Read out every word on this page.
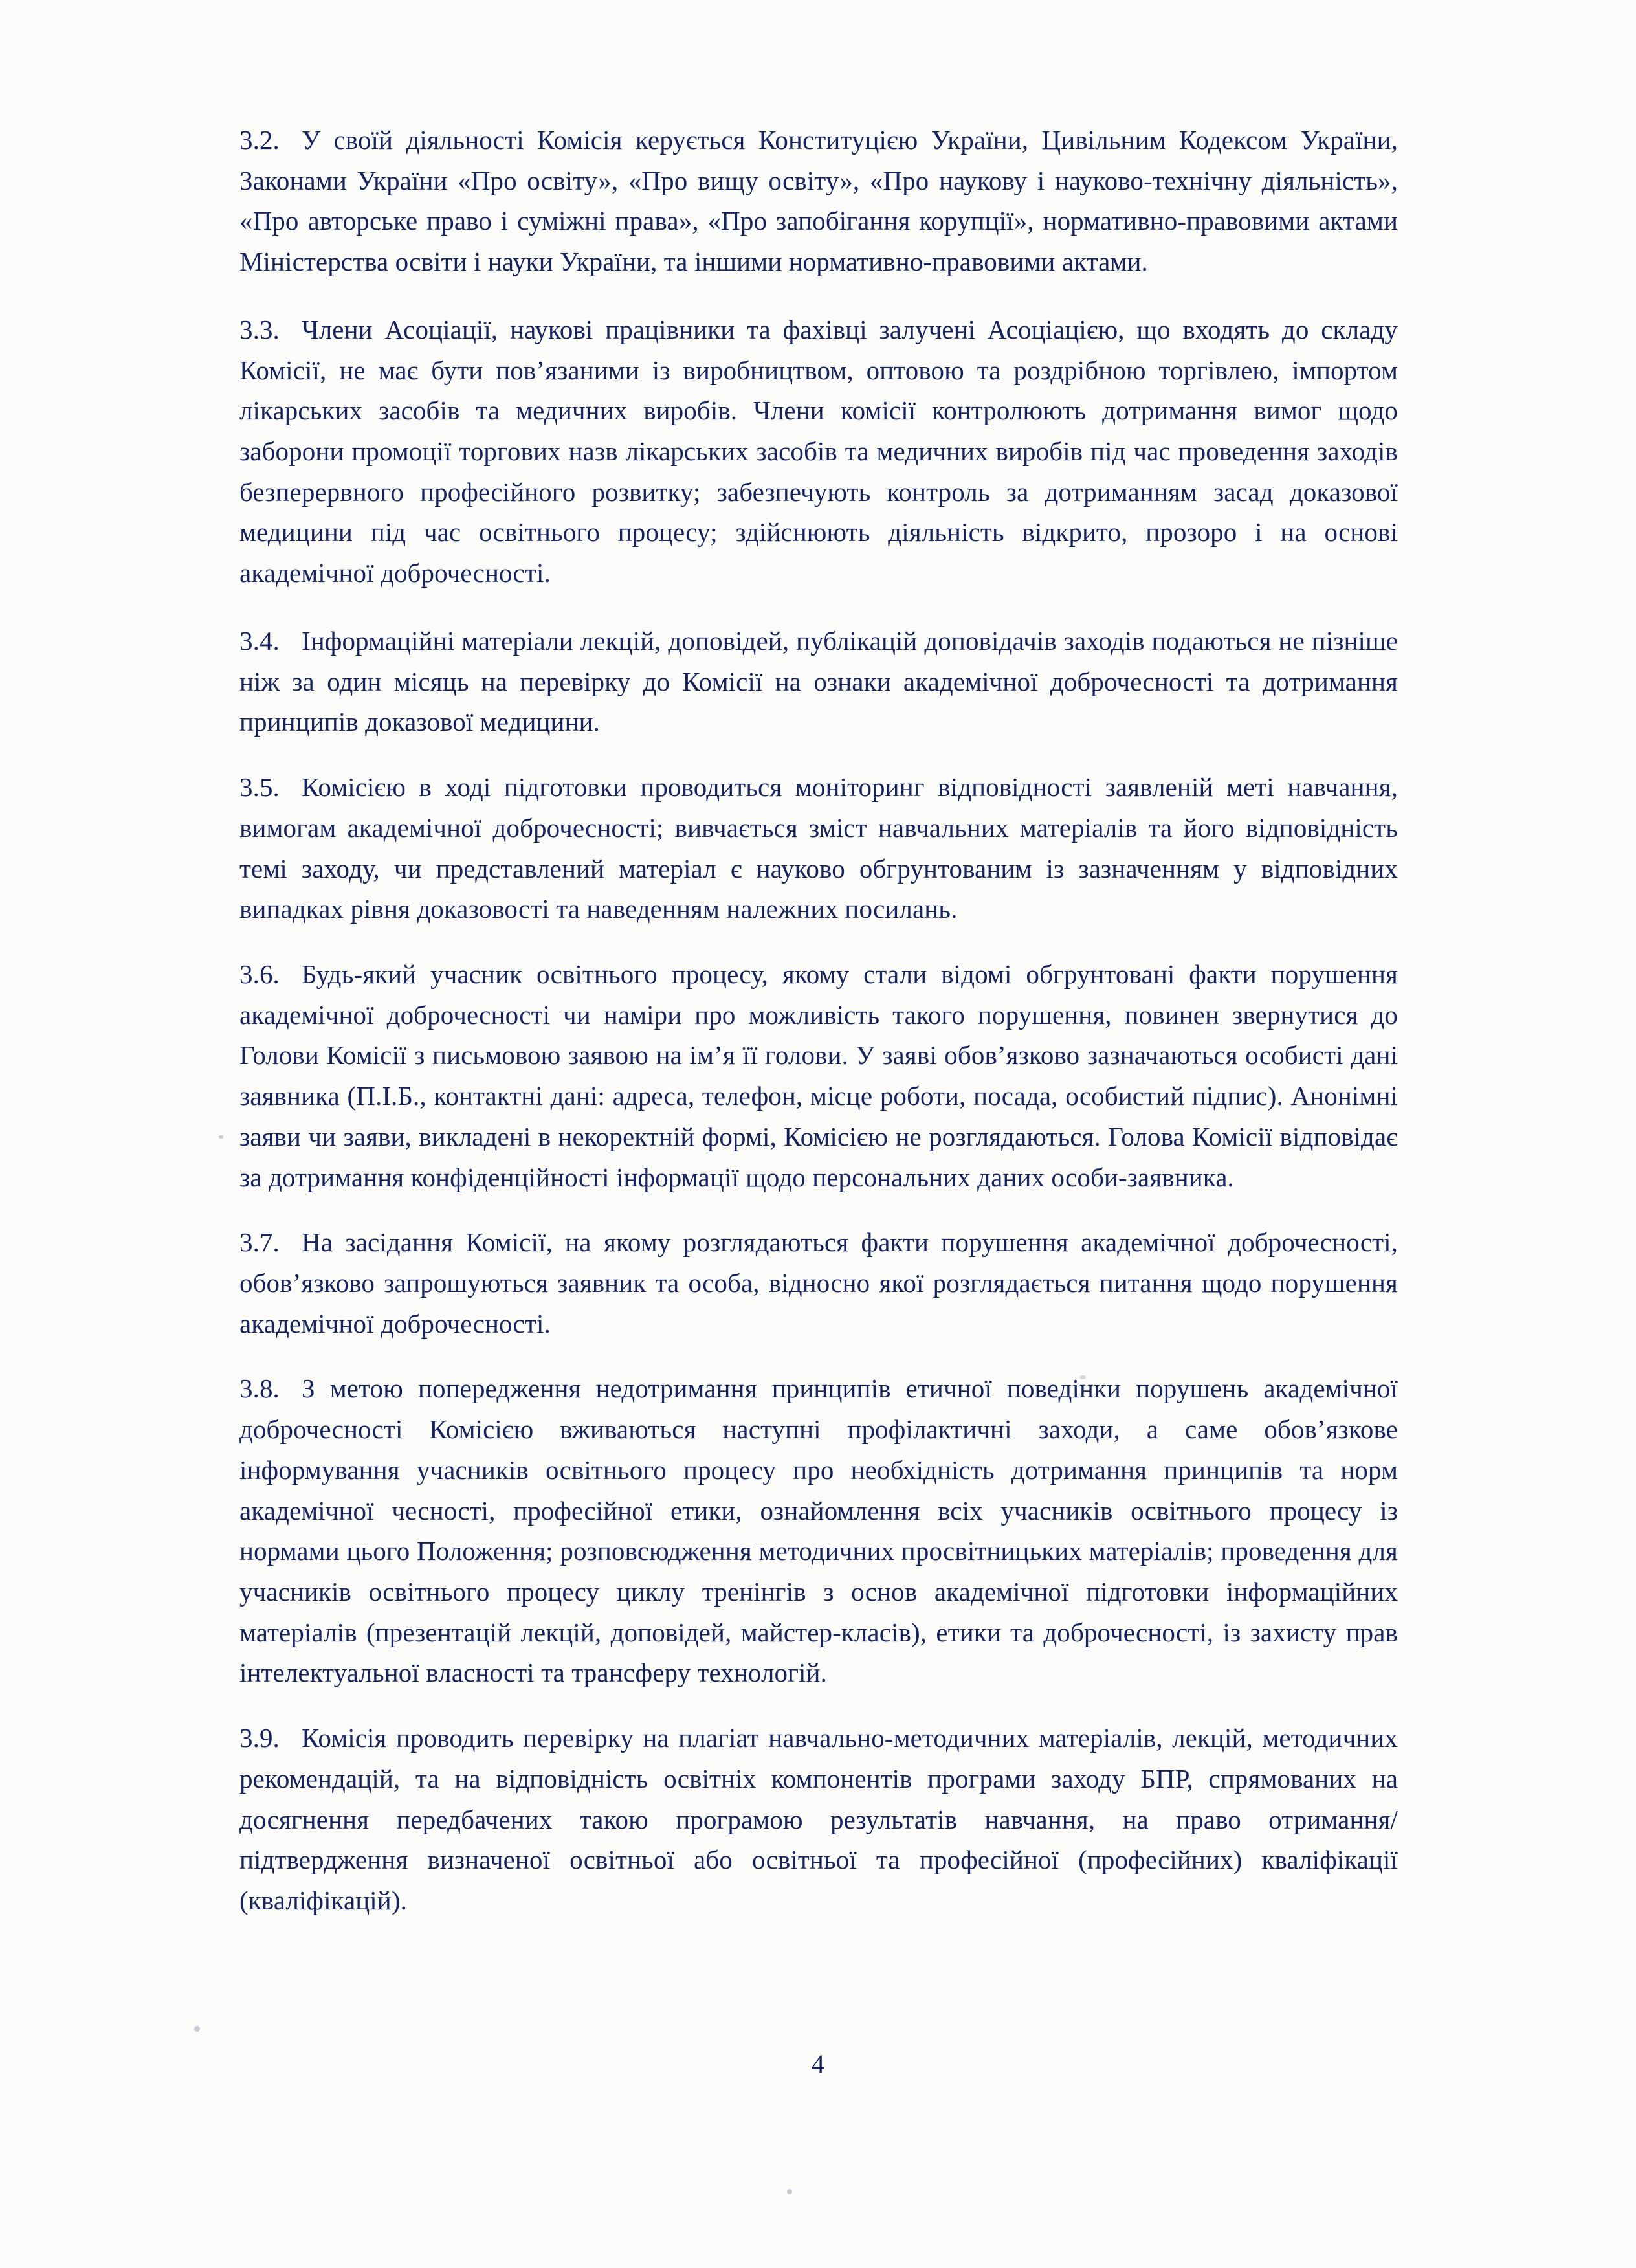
3.2. У своїй діяльності Комісія керується Конституцією України, Цивільним Кодексом України, Законами України «Про освіту», «Про вищу освіту», «Про наукову і науково-технічну діяльність», «Про авторське право і суміжні права», «Про запобігання корупції», нормативно-правовими актами Міністерства освіти і науки України, та іншими нормативно-правовими актами.

3.3. Члени Асоціації, наукові працівники та фахівці залучені Асоціацією, що входять до складу Комісії, не має бути пов’язаними із виробництвом, оптовою та роздрібною торгівлею, імпортом лікарських засобів та медичних виробів. Члени комісії контролюють дотримання вимог щодо заборони промоції торгових назв лікарських засобів та медичних виробів під час проведення заходів безперервного професійного розвитку; забезпечують контроль за дотриманням засад доказової медицини під час освітнього процесу; здійснюють діяльність відкрито, прозоро і на основі академічної доброчесності.

3.4. Інформаційні матеріали лекцій, доповідей, публікацій доповідачів заходів подаються не пізніше ніж за один місяць на перевірку до Комісії на ознаки академічної доброчесності та дотримання принципів доказової медицини.

3.5. Комісією в ході підготовки проводиться моніторинг відповідності заявленій меті навчання, вимогам академічної доброчесності; вивчається зміст навчальних матеріалів та його відповідність темі заходу, чи представлений матеріал є науково обгрунтованим із зазначенням у відповідних випадках рівня доказовості та наведенням належних посилань.

3.6. Будь-який учасник освітнього процесу, якому стали відомі обгрунтовані факти порушення академічної доброчесності чи наміри про можливість такого порушення, повинен звернутися до Голови Комісії з письмовою заявою на ім’я її голови. У заяві обов’язково зазначаються особисті дані заявника (П.І.Б., контактні дані: адреса, телефон, місце роботи, посада, особистий підпис). Анонімні заяви чи заяви, викладені в некоректній формі, Комісією не розглядаються. Голова Комісії відповідає за дотримання конфіденційності інформації щодо персональних даних особи-заявника.

3.7. На засідання Комісії, на якому розглядаються факти порушення академічної доброчесності, обов’язково запрошуються заявник та особа, відносно якої розглядається питання щодо порушення академічної доброчесності.

3.8. З метою попередження недотримання принципів етичної поведінки порушень академічної доброчесності Комісією вживаються наступні профілактичні заходи, а саме обов’язкове інформування учасників освітнього процесу про необхідність дотримання принципів та норм академічної чесності, професійної етики, ознайомлення всіх учасників освітнього процесу із нормами цього Положення; розповсюдження методичних просвітницьких матеріалів; проведення для учасників освітнього процесу циклу тренінгів з основ академічної підготовки інформаційних матеріалів (презентацій лекцій, доповідей, майстер-класів), етики та доброчесності, із захисту прав інтелектуальної власності та трансферу технологій.

3.9. Комісія проводить перевірку на плагіат навчально-методичних матеріалів, лекцій, методичних рекомендацій, та на відповідність освітніх компонентів програми заходу БПР, спрямованих на досягнення передбачених такою програмою результатів навчання, на право отримання/підтвердження визначеної освітньої або освітньої та професійної (професійних) кваліфікації (кваліфікацій).

4
